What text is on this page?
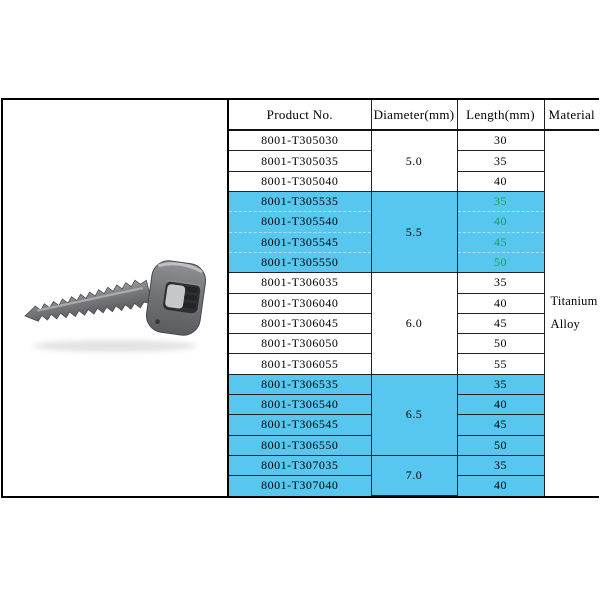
Product No.	Diameter(mm)	Length(mm)	Material
8001-T305030	5.0	30	Titanium
Alloy

8001-T305035		35	
8001-T305040		40	
8001-T305535	5.5	35	
8001-T305540		40	
8001-T305545		45	
8001-T305550		50	
8001-T306035	6.0	35	
8001-T306040		40	
8001-T306045		45	
8001-T306050		50	
8001-T306055		55	
8001-T306535	6.5	35	
8001-T306540		40	
8001-T306545		45	
8001-T306550		50	
8001-T307035	7.0	35	
8001-T307040		40	
